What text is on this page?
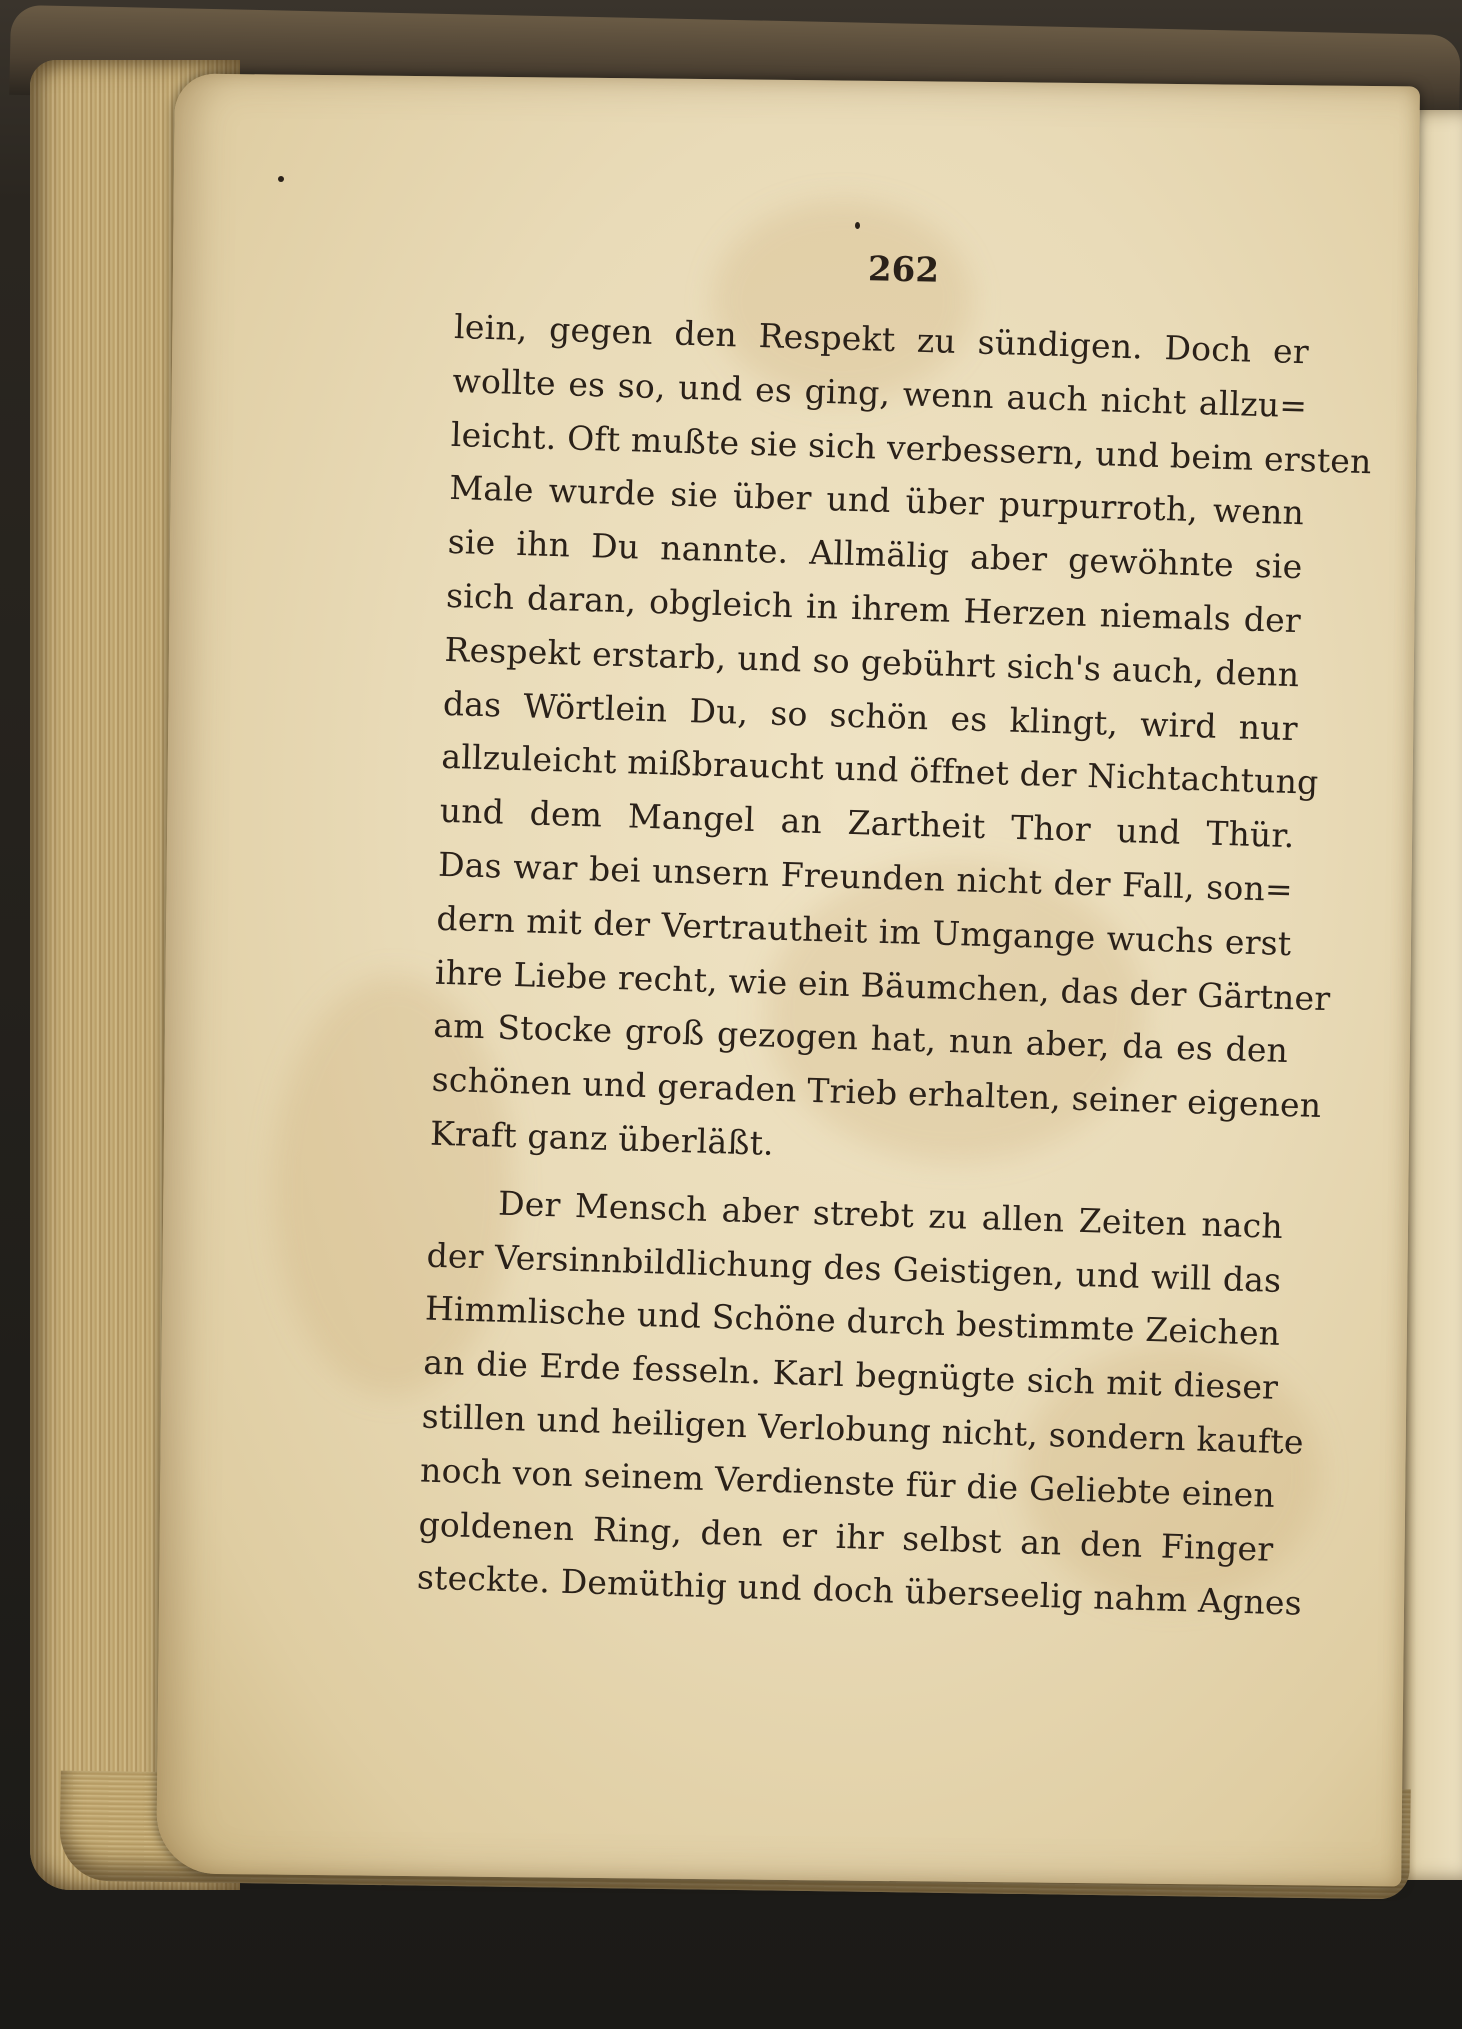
262
lein, gegen den Respekt zu sündigen. Doch er
wollte es so, und es ging, wenn auch nicht allzu=
leicht. Oft mußte sie sich verbessern, und beim ersten
Male wurde sie über und über purpurroth, wenn
sie ihn Du nannte. Allmälig aber gewöhnte sie
sich daran, obgleich in ihrem Herzen niemals der
Respekt erstarb, und so gebührt sich's auch, denn
das Wörtlein Du, so schön es klingt, wird nur
allzuleicht mißbraucht und öffnet der Nichtachtung
und dem Mangel an Zartheit Thor und Thür.
Das war bei unsern Freunden nicht der Fall, son=
dern mit der Vertrautheit im Umgange wuchs erst
ihre Liebe recht, wie ein Bäumchen, das der Gärtner
am Stocke groß gezogen hat, nun aber, da es den
schönen und geraden Trieb erhalten, seiner eigenen
Kraft ganz überläßt.
Der Mensch aber strebt zu allen Zeiten nach
der Versinnbildlichung des Geistigen, und will das
Himmlische und Schöne durch bestimmte Zeichen
an die Erde fesseln. Karl begnügte sich mit dieser
stillen und heiligen Verlobung nicht, sondern kaufte
noch von seinem Verdienste für die Geliebte einen
goldenen Ring, den er ihr selbst an den Finger
steckte. Demüthig und doch überseelig nahm Agnes
